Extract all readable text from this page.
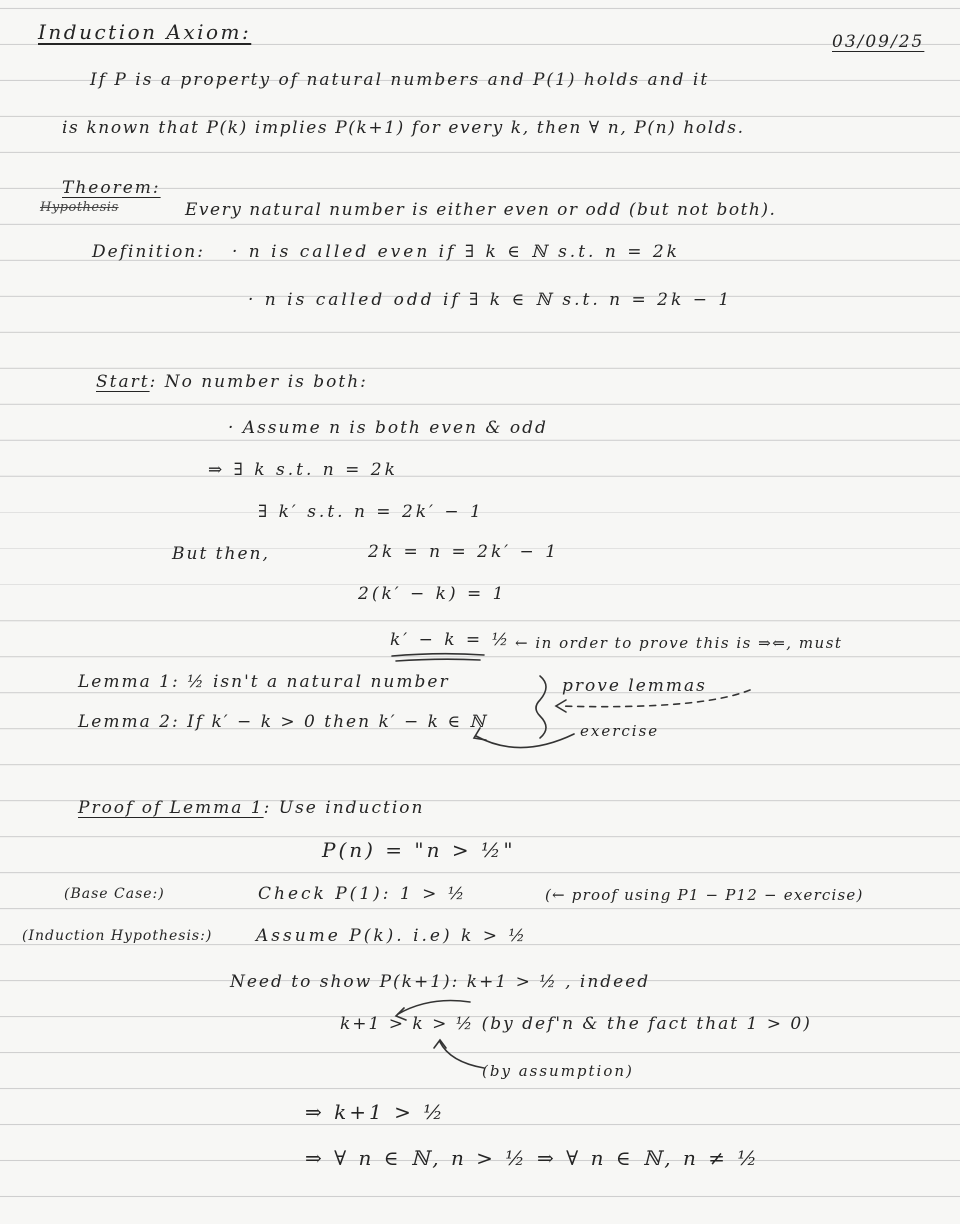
Induction Axiom:	03/09/25
If P is a property of natural numbers and P(1) holds and it
is known that P(k) implies P(k+1) for every k, then ∀ n, P(n) holds.
Theorem:
Hypothesis	Every natural number is either even or odd (but not both).
Definition: · n is called even if ∃ k ∈ ℕ s.t. n = 2k
· n is called odd if ∃ k ∈ ℕ s.t. n = 2k − 1
Start: No number is both:
· Assume n is both even & odd
⇒ ∃ k s.t. n = 2k
∃ k′ s.t. n = 2k′ − 1
But then,	2k = n = 2k′ − 1
2(k′ − k) = 1
k′ − k = ½ ← in order to prove this is ⇒⇐, must
Lemma 1: ½ isn't a natural number
Lemma 2: If k′ − k > 0 then k′ − k ∈ ℕ
prove lemmas
exercise
Proof of Lemma 1: Use induction
P(n) = "n > ½"
(Base Case:)	Check P(1): 1 > ½	(← proof using P1 − P12 − exercise)
(Induction Hypothesis:)	Assume P(k). i.e) k > ½
Need to show P(k+1): k+1 > ½ , indeed
k+1 > k > ½ (by def'n & the fact that 1 > 0)
(by assumption)
⇒ k+1 > ½
⇒ ∀ n ∈ ℕ, n > ½ ⇒ ∀ n ∈ ℕ, n ≠ ½
